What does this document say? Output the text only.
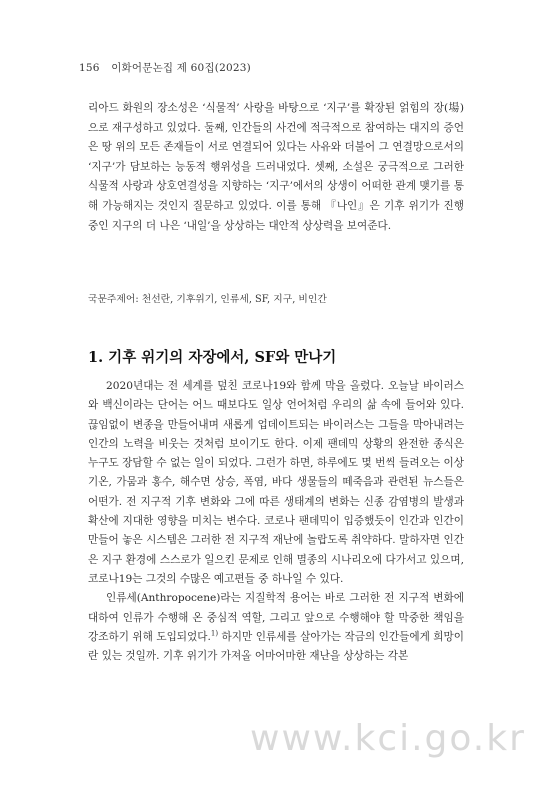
156 이화어문논집 제 60집(2023)

리아드 화원의 장소성은 ‘식물적’ 사랑을 바탕으로 ‘지구’를 확장된 얽힘의 장(場)으로 재구성하고 있었다. 둘째, 인간들의 사건에 적극적으로 참여하는 대지의 증언은 땅 위의 모든 존재들이 서로 연결되어 있다는 사유와 더불어 그 연결망으로서의 ‘지구’가 담보하는 능동적 행위성을 드러내었다. 셋째, 소설은 궁극적으로 그러한 식물적 사랑과 상호연결성을 지향하는 ‘지구’에서의 상생이 어떠한 관계 맺기를 통해 가능해지는 것인지 질문하고 있었다. 이를 통해 『나인』은 기후 위기가 진행 중인 지구의 더 나은 ‘내일’을 상상하는 대안적 상상력을 보여준다.

국문주제어: 천선란, 기후위기, 인류세, SF, 지구, 비인간
1. 기후 위기의 자장에서, SF와 만나기

2020년대는 전 세계를 덮친 코로나19와 함께 막을 올렸다. 오늘날 바이러스와 백신이라는 단어는 어느 때보다도 일상 언어처럼 우리의 삶 속에 들어와 있다. 끊임없이 변종을 만들어내며 새롭게 업데이트되는 바이러스는 그들을 막아내려는 인간의 노력을 비웃는 것처럼 보이기도 한다. 이제 팬데믹 상황의 완전한 종식은 누구도 장담할 수 없는 일이 되었다. 그런가 하면, 하루에도 몇 번씩 들려오는 이상기온, 가뭄과 홍수, 해수면 상승, 폭염, 바다 생물들의 떼죽음과 관련된 뉴스들은 어떤가. 전 지구적 기후 변화와 그에 따른 생태계의 변화는 신종 감염병의 발생과 확산에 지대한 영향을 미치는 변수다. 코로나 팬데믹이 입증했듯이 인간과 인간이 만들어 놓은 시스템은 그러한 전 지구적 재난에 놀랍도록 취약하다. 말하자면 인간은 지구 환경에 스스로가 일으킨 문제로 인해 멸종의 시나리오에 다가서고 있으며, 코로나19는 그것의 수많은 예고편들 중 하나일 수 있다.

인류세(Anthropocene)라는 지질학적 용어는 바로 그러한 전 지구적 변화에 대하여 인류가 수행해 온 중심적 역할, 그리고 앞으로 수행해야 할 막중한 책임을 강조하기 위해 도입되었다.$^{1)}$ 하지만 인류세를 살아가는 작금의 인간들에게 희망이란 있는 것일까. 기후 위기가 가져올 어마어마한 재난을 상상하는 각본

www.kci.go.kr
